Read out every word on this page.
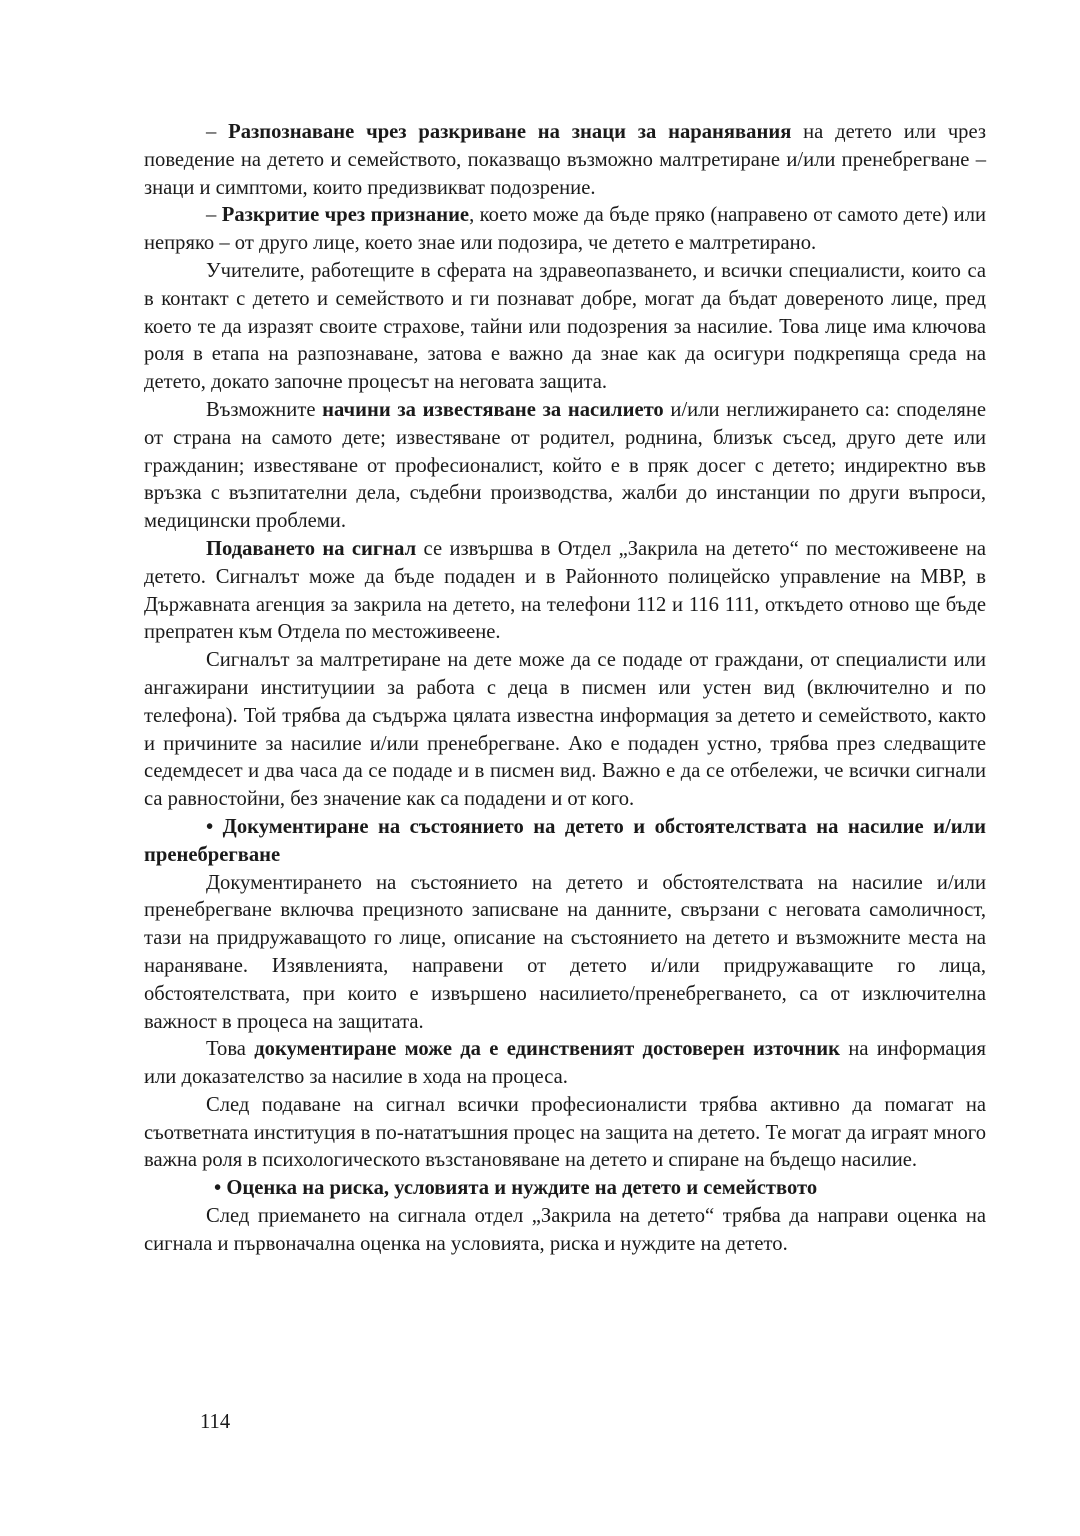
– Разпознаване чрез разкриване на знаци за наранявания на детето или чрез поведение на детето и семейството, показващо възможно малтретиране и/или пренебрегване – знаци и симптоми, които предизвикват подозрение.

– Разкритие чрез признание, което може да бъде пряко (направено от самото дете) или непряко – от друго лице, което знае или подозира, че детето е малтретирано.

Учителите, работещите в сферата на здравеопазването, и всички специалисти, които са в контакт с детето и семейството и ги познават добре, могат да бъдат довереното лице, пред което те да изразят своите страхове, тайни или подозрения за насилие. Това лице има ключова роля в етапа на разпознаване, затова е важно да знае как да осигури подкрепяща среда на детето, докато започне процесът на неговата защита.

Възможните начини за известяване за насилието и/или неглижирането са: споделяне от страна на самото дете; известяване от родител, роднина, близък съсед, друго дете или гражданин; известяване от професионалист, който е в пряк досег с детето; индиректно във връзка с възпитателни дела, съдебни производства, жалби до инстанции по други въпроси, медицински проблеми.

Подаването на сигнал се извършва в Отдел „Закрила на детето“ по местоживеене на детето. Сигналът може да бъде подаден и в Районното полицейско управление на МВР, в Държавната агенция за закрила на детето, на телефони 112 и 116 111, откъдето отново ще бъде препратен към Отдела по местоживеене.

Сигналът за малтретиране на дете може да се подаде от граждани, от специалисти или ангажирани институциии за работа с деца в писмен или устен вид (включително и по телефона). Той трябва да съдържа цялата известна информация за детето и семейството, както и причините за насилие и/или пренебрегване. Ако е подаден устно, трябва през следващите седемдесет и два часа да се подаде и в писмен вид. Важно е да се отбележи, че всички сигнали са равностойни, без значение как са подадени и от кого.

• Документиране на състоянието на детето и обстоятелствата на насилие и/или пренебрегване

Документирането на състоянието на детето и обстоятелствата на насилие и/или пренебрегване включва прецизното записване на данните, свързани с неговата самоличност, тази на придружаващото го лице, описание на състоянието на детето и възможните места на нараняване. Изявленията, направени от детето и/или придружаващите го лица, обстоятелствата, при които е извършено насилието/пренебрегването, са от изключителна важност в процеса на защитата.

Това документиране може да е единственият достоверен източник на информация или доказателство за насилие в хода на процеса.

След подаване на сигнал всички професионалисти трябва активно да помагат на съответната институция в по-нататъшния процес на защита на детето. Те могат да играят много важна роля в психологическото възстановяване на детето и спиране на бъдещо насилие.

• Оценка на риска, условията и нуждите на детето и семейството

След приемането на сигнала отдел „Закрила на детето“ трябва да направи оценка на сигнала и първоначална оценка на условията, риска и нуждите на детето.

114
